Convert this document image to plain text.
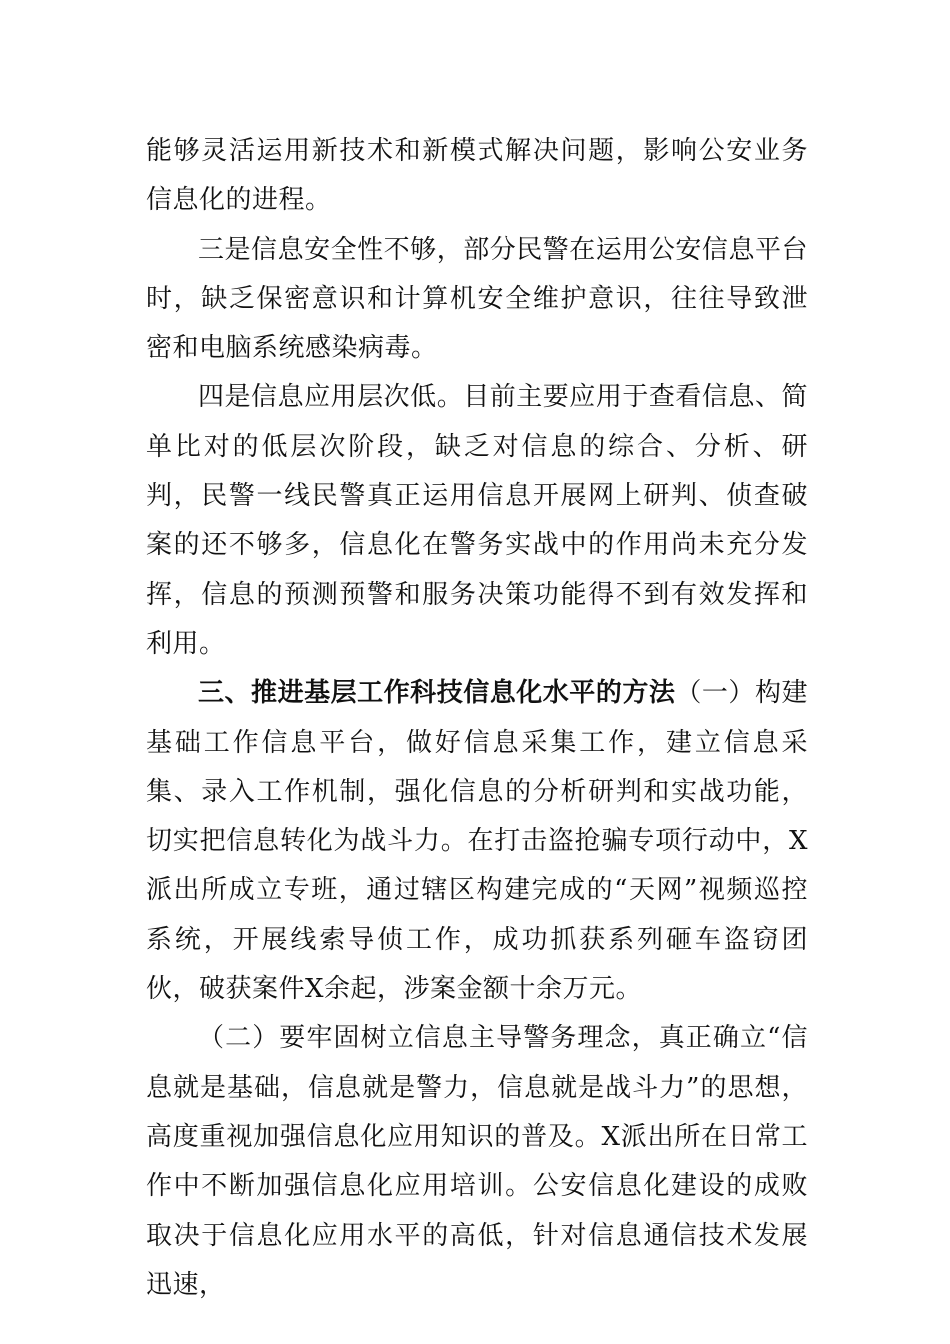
能够灵活运用新技术和新模式解决问题，影响公安业务信息化的进程。

三是信息安全性不够，部分民警在运用公安信息平台时，缺乏保密意识和计算机安全维护意识，往往导致泄密和电脑系统感染病毒。

四是信息应用层次低。目前主要应用于查看信息、简单比对的低层次阶段，缺乏对信息的综合、分析、研判，民警一线民警真正运用信息开展网上研判、侦查破案的还不够多，信息化在警务实战中的作用尚未充分发挥，信息的预测预警和服务决策功能得不到有效发挥和利用。

三、推进基层工作科技信息化水平的方法（一）构建基础工作信息平台，做好信息采集工作，建立信息采集、录入工作机制，强化信息的分析研判和实战功能，切实把信息转化为战斗力。在打击盗抢骗专项行动中，X派出所成立专班，通过辖区构建完成的“天网”视频巡控系统，开展线索导侦工作，成功抓获系列砸车盗窃团伙，破获案件X余起，涉案金额十余万元。

（二）要牢固树立信息主导警务理念，真正确立“信息就是基础，信息就是警力，信息就是战斗力”的思想，高度重视加强信息化应用知识的普及。X派出所在日常工作中不断加强信息化应用培训。公安信息化建设的成败取决于信息化应用水平的高低，针对信息通信技术发展迅速，
